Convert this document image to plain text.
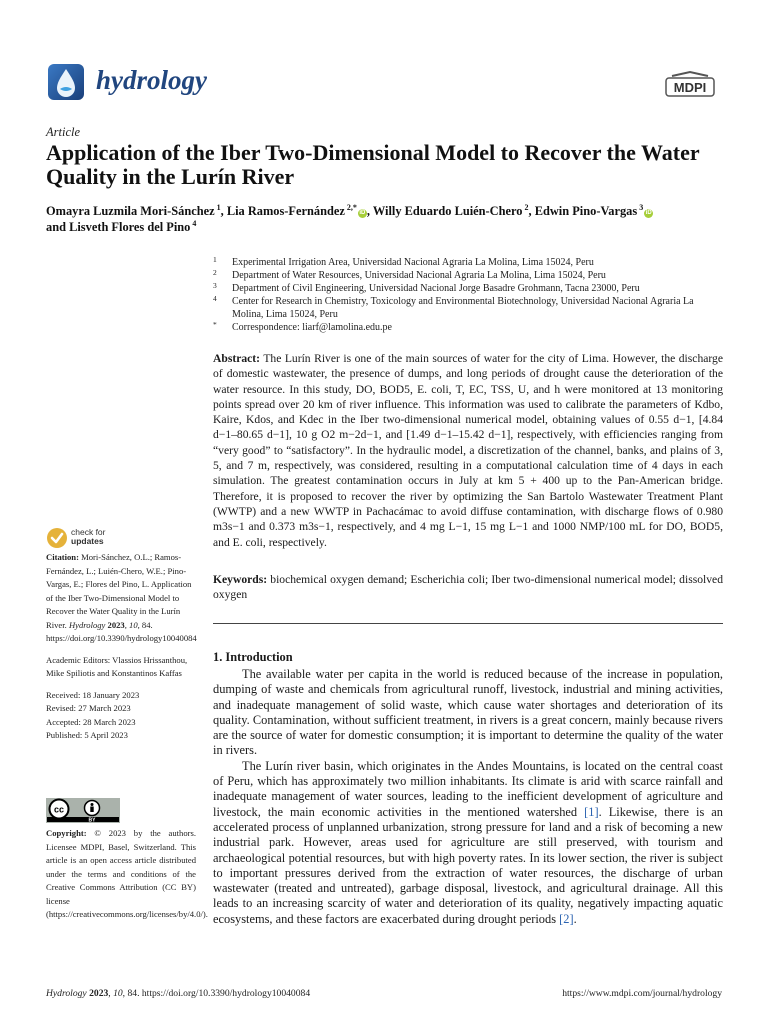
hydrology	MDPI
Article
Application of the Iber Two-Dimensional Model to Recover the Water Quality in the Lurín River
Omayra Luzmila Mori-Sánchez $^1$, Lia Ramos-Fernández $^{2,*}$iD , Willy Eduardo Luién-Chero $^2$, Edwin Pino-Vargas $^3$iD
and Lisveth Flores del Pino $^4$
1 Experimental Irrigation Area, Universidad Nacional Agraria La Molina, Lima 15024, Peru
2 Department of Water Resources, Universidad Nacional Agraria La Molina, Lima 15024, Peru
3 Department of Civil Engineering, Universidad Nacional Jorge Basadre Grohmann, Tacna 23000, Peru
4 Center for Research in Chemistry, Toxicology and Environmental Biotechnology, Universidad Nacional Agraria La Molina, Lima 15024, Peru
* Correspondence: liarf@lamolina.edu.pe
Abstract: The Lurín River is one of the main sources of water for the city of Lima. However, the discharge of domestic wastewater, the presence of dumps, and long periods of drought cause the deterioration of the water resource. In this study, DO, BOD5, E. coli, T, EC, TSS, U, and h were monitored at 13 monitoring points spread over 20 km of river influence. This information was used to calibrate the parameters of Kdbo, Kaire, Kdos, and Kdec in the Iber two-dimensional numerical model, obtaining values of 0.55 d−1, [4.84 d−1–80.65 d−1], 10 g O2 m−2d−1, and [1.49 d−1–15.42 d−1], respectively, with efficiencies ranging from “very good” to “satisfactory”. In the hydraulic model, a discretization of the channel, banks, and plains of 3, 5, and 7 m, respectively, was considered, resulting in a computational calculation time of 4 days in each simulation. The greatest contamination occurs in July at km 5 + 400 up to the Pan-American bridge. Therefore, it is proposed to recover the river by optimizing the San Bartolo Wastewater Treatment Plant (WWTP) and a new WWTP in Pachacámac to avoid diffuse contamination, with discharge flows of 0.980 m3s−1 and 0.373 m3s−1, respectively, and 4 mg L−1, 15 mg L−1 and 1000 NMP/100 mL for DO, BOD5, and E. coli, respectively.
Keywords: biochemical oxygen demand; Escherichia coli; Iber two-dimensional numerical model; dissolved oxygen
1. Introduction

The available water per capita in the world is reduced because of the increase in population, dumping of waste and chemicals from agricultural runoff, livestock, industrial and mining activities, and inadequate management of solid waste, which cause water shortages and deterioration of its quality. Contamination, without sufficient treatment, in rivers is a great concern, mainly because rivers are the source of water for domestic consumption; it is important to determine the quality of the water in rivers.

The Lurín river basin, which originates in the Andes Mountains, is located on the central coast of Peru, which has approximately two million inhabitants. Its climate is arid with scarce rainfall and inadequate management of water sources, leading to the inefficient development of agriculture and livestock, the main economic activities in the mentioned watershed [1]. Likewise, there is an accelerated process of unplanned urbanization, strong pressure for land and a risk of becoming a new industrial park. However, areas used for agriculture are still preserved, with tourism and archaeological potential resources, but with high poverty rates. In its lower section, the river is subject to important pressures derived from the extraction of water resources, the discharge of urban wastewater (treated and untreated), garbage disposal, livestock, and agricultural drainage. All this leads to an increasing scarcity of water and deterioration of its quality, negatively impacting aquatic ecosystems, and these factors are exacerbated during drought periods [2].

check for
updates
Citation: Mori-Sánchez, O.L.; Ramos-Fernández, L.; Luién-Chero, W.E.; Pino-Vargas, E.; Flores del Pino, L. Application of the Iber Two-Dimensional Model to Recover the Water Quality in the Lurín River. Hydrology 2023, 10, 84. https://doi.org/10.3390/hydrology10040084
Academic Editors: Vlassios Hrissanthou, Mike Spiliotis and Konstantinos Kaffas
Received: 18 January 2023
Revised: 27 March 2023
Accepted: 28 March 2023
Published: 5 April 2023
cc
BY
Copyright: © 2023 by the authors. Licensee MDPI, Basel, Switzerland. This article is an open access article distributed under the terms and conditions of the Creative Commons Attribution (CC BY) license (https://creativecommons.org/licenses/by/4.0/).
Hydrology 2023, 10, 84. https://doi.org/10.3390/hydrology10040084	https://www.mdpi.com/journal/hydrology
